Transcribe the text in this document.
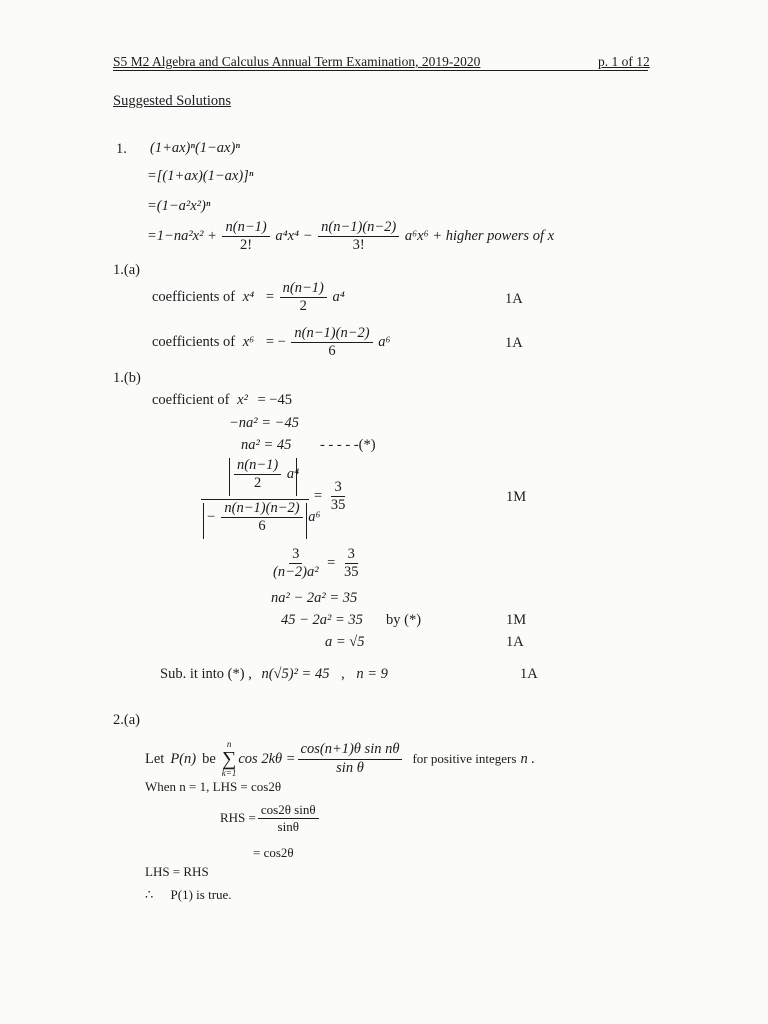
S5 M2 Algebra and Calculus Annual Term Examination, 2019-2020	p. 1 of 12
Suggested Solutions
1. (1+ax)ⁿ(1−ax)ⁿ
=[(1+ax)(1−ax)]ⁿ
=(1−a²x²)ⁿ
$=1-na^2x^2 + \frac{n(n-1)}{2!} a^4x^4 - \frac{n(n-1)(n-2)}{3!} a^6x^6$ + higher powers of x
1.(a)
coefficients of $x^4 = \frac{n(n-1)}{2} a^4$	1A
coefficients of x⁶ = − $\frac{n(n-1)(n-2)}{6} a^6$	1A
1.(b)
coefficient of x² = −45
−na² = −45
na² = 45 - - - - -(*)
$\frac{n(n-1)}{2} a^4$
− $\frac{n(n-1)(n-2)}{6} a^6$
= $\frac{3}{35}$	1M
$\frac{3}{\text{(n−2)a²}} = \frac{3}{35}$
na² − 2a² = 35
45 − 2a² = 35 by (*)	1M
a = √5	1A
Sub. it into (*) , n(√5)² = 45 , n = 9	1A
2.(a)
Let P(n) be
n
∑
k=1
$\cos 2k\theta = \frac{\text{cos(n+1)θ sin nθ}}{\text{sin θ}}$ for positive integers n .
When n = 1, LHS = cos2θ
RHS = $\frac{\text{cos2θ sinθ}}{\sin\theta}$
= cos2θ
LHS = RHS
∴ P(1) is true.
